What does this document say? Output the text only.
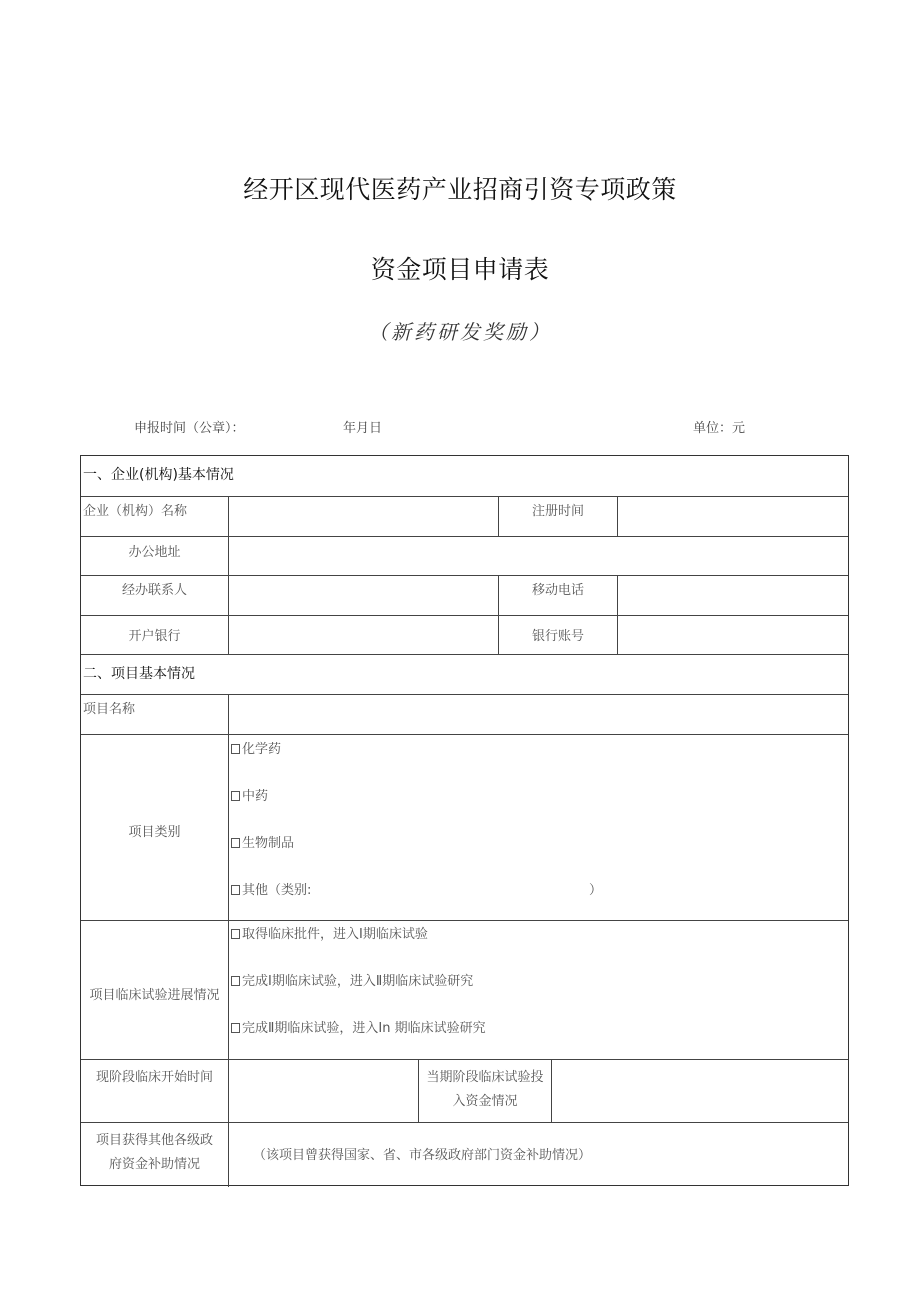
经开区现代医药产业招商引资专项政策
资金项目申请表
（新药研发奖励）
申报时间（公章）：	年月日	单位：元
一、企业(机构)基本情况
企业（机构）名称	注册时间
办公地址
经办联系人	移动电话
开户银行	银行账号
二、项目基本情况
项目名称
项目类别
化学药
中药
生物制品
其他（类别:	）
项目临床试验进展情况
取得临床批件，进入Ⅰ期临床试验
完成Ⅰ期临床试验，进入Ⅱ期临床试验研究
完成Ⅱ期临床试验，进入In 期临床试验研究
现阶段临床开始时间	当期阶段临床试验投
入资金情况
项目获得其他各级政
府资金补助情况
（该项目曾获得国家、省、市各级政府部门资金补助情况）
